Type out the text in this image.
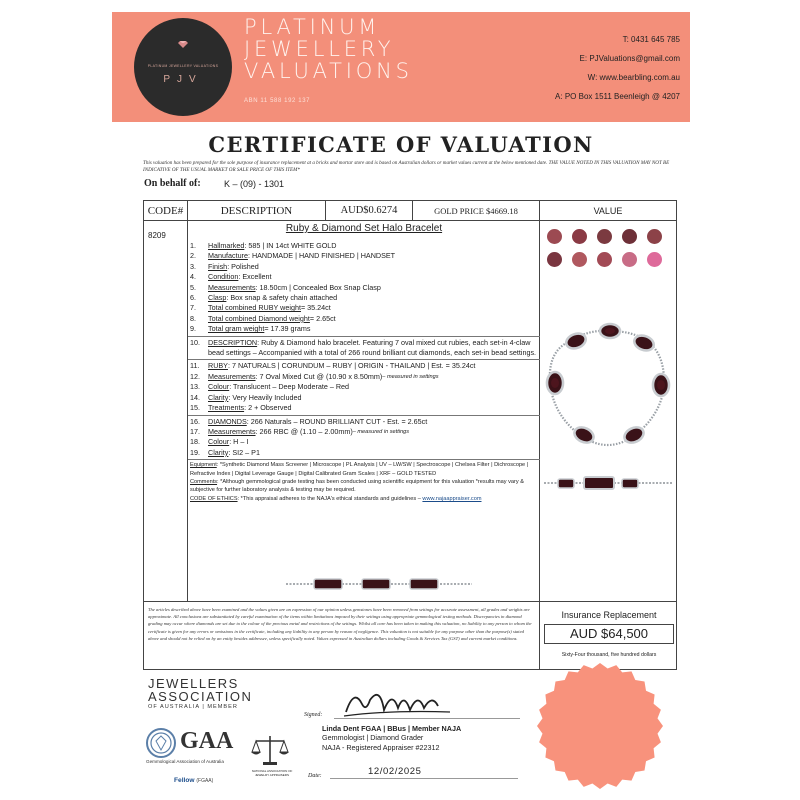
PLATINUM JEWELLERY VALUATIONS
PJV
PLATINUM
JEWELLERY
VALUATIONS
ABN 11 588 192 137
T: 0431 645 785
E: PJValuations@gmail.com
W: www.bearbling.com.au
A: PO Box 1511 Beenleigh @ 4207
CERTIFICATE OF VALUATION
This valuation has been prepared for the sole purpose of insurance replacement at a bricks and mortar store and is based on Australian dollars or market values current at the below mentioned date. THE VALUE NOTED IN THIS VALUATION MAY NOT BE INDICATIVE OF THE USUAL MARKET OR SALE PRICE OF THIS ITEM*
On behalf of:	K – (09) - 1301
CODE#	DESCRIPTION	AUD$0.6274	GOLD PRICE $4669.18	VALUE
8209
Ruby & Diamond Set Halo Bracelet
1.	Hallmarked : 585 | IN 14ct WHITE GOLD
2.	Manufacture : HANDMADE | HAND FINISHED | HANDSET
3.	Finish : Polished
4.	Condition : Excellent
5.	Measurements : 18.50cm | Concealed Box Snap Clasp
6.	Clasp : Box snap & safety chain attached
7.	Total combined RUBY weight = 35.24ct
8.	Total combined Diamond weight = 2.65ct
9.	Total gram weight = 17.39 grams
10.	DESCRIPTION: Ruby & Diamond halo bracelet. Featuring 7 oval mixed cut rubies, each set-in 4-claw bead settings – Accompanied with a total of 266 round brilliant cut diamonds, each set-in bead settings.
11.	RUBY : 7 NATURALS | CORUNDUM – RUBY | ORIGIN - THAILAND | Est. = 35.24ct
12.	Measurements : 7 Oval Mixed Cut @ (10.90 x 8.50mm) – measured in settings
13.	Colour : Translucent – Deep Moderate – Red
14.	Clarity : Very Heavily Included
15.	Treatments : 2 + Observed
16.	DIAMONDS : 266 Naturals – ROUND BRILLIANT CUT - Est. = 2.65ct
17.	Measurements : 266 RBC @ (1.10 – 2.00mm) – measured in settings
18.	Colour : H – I
19.	Clarity : SI2 – P1
Equipment: *Synthetic Diamond Mass Screener | Microscope | PL Analysis | UV – LW/SW | Spectroscope | Chelsea Filter | Dichroscope | Refractive Index | Digital Leverage Gauge | Digital Calibrated Gram Scales | XRF – GOLD TESTED
Comments: *Although gemmological grade testing has been conducted using scientific equipment for this valuation *results may vary & subjective for further laboratory analysis & testing may be required.
CODE OF ETHICS: *This appraisal adheres to the NAJA's ethical standards and guidelines – www.najaappraiser.com
The articles described above have been examined and the values given are an expression of our opinion unless gemstones have been removed from settings for accurate assessment, all grades and weights are approximate. All conclusions are substantiated by careful examination of the items within limitations imposed by their settings using appropriate gemmological testing methods. Discrepancies in diamond grading may occur where diamonds are set due to the colour of the precious metal and restrictions of the settings. Whilst all care has been taken in making this valuation, no liability to any person to whom the certificate is given for any errors or omissions in the certificate, including any liability to any person by reason of negligence. This valuation is not suitable for any purpose other than the purpose(s) stated above and should not be relied on by an entity besides addressee, unless specifically noted. Values expressed in Australian dollars including Goods & Services Tax (GST) and current market conditions.
Insurance Replacement
AUD $64,500
Sixty-Four thousand, five hundred dollars
JEWELLERS
ASSOCIATION
OF AUSTRALIA | MEMBER
GAA
Gemmological Association of Australia
Fellow (FGAA)
NATIONAL ASSOCIATION OF JEWELRY APPRAISERS
Signed:
Linda Dent FGAA | BBus | Member NAJA
Gemmologist | Diamond Grader
NAJA - Registered Appraiser #22312
Date:	12/02/2025
